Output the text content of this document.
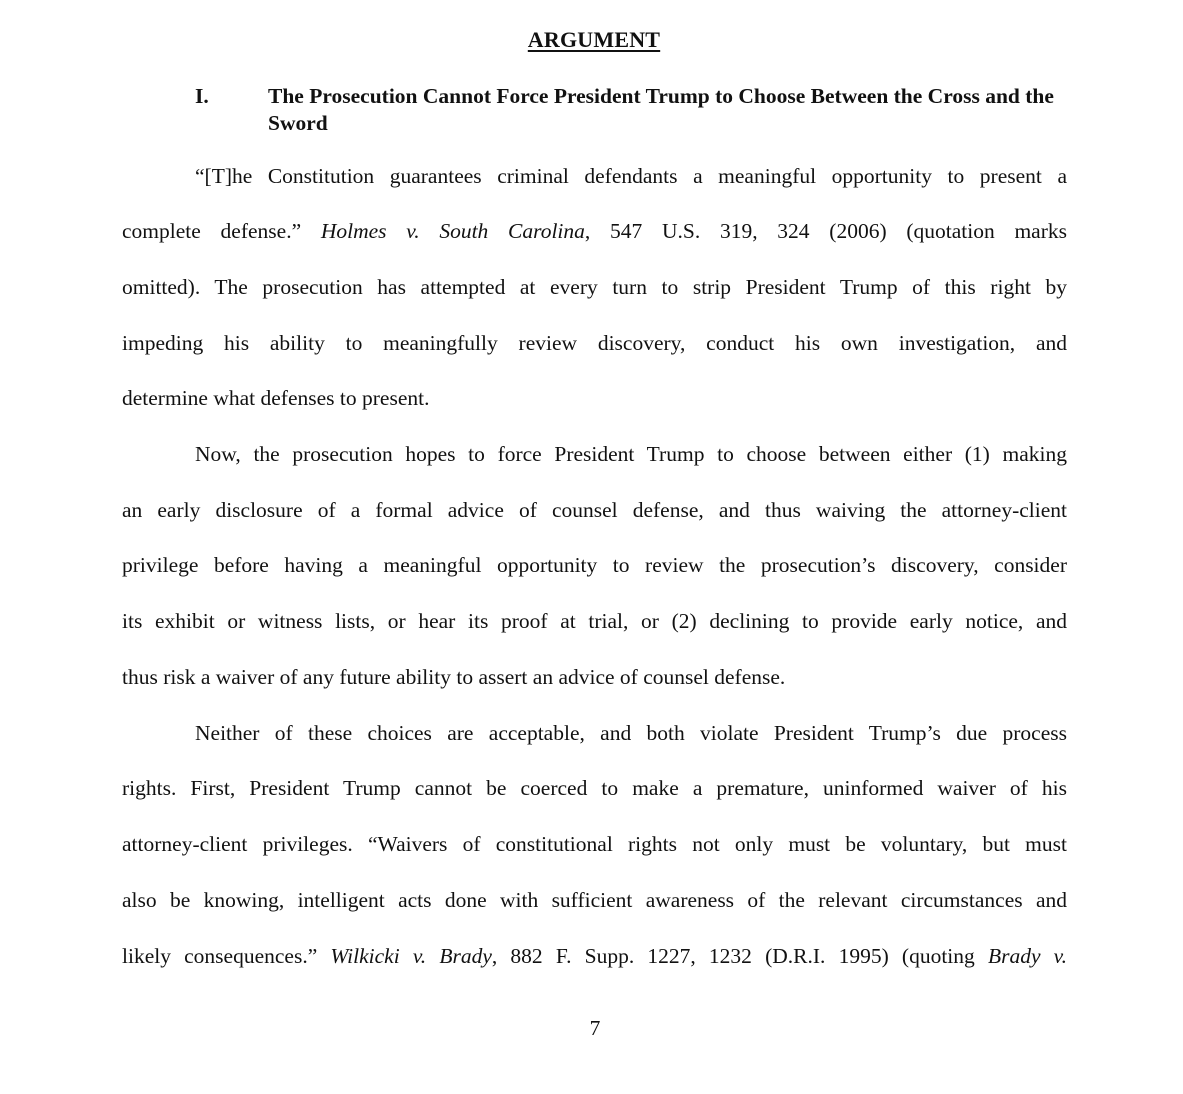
ARGUMENT
I.	The Prosecution Cannot Force President Trump to Choose Between the Cross and the Sword
“[T]he Constitution guarantees criminal defendants a meaningful opportunity to present a
complete defense.” Holmes v. South Carolina, 547 U.S. 319, 324 (2006) (quotation marks
omitted). The prosecution has attempted at every turn to strip President Trump of this right by
impeding his ability to meaningfully review discovery, conduct his own investigation, and
determine what defenses to present.
Now, the prosecution hopes to force President Trump to choose between either (1) making
an early disclosure of a formal advice of counsel defense, and thus waiving the attorney-client
privilege before having a meaningful opportunity to review the prosecution’s discovery, consider
its exhibit or witness lists, or hear its proof at trial, or (2) declining to provide early notice, and
thus risk a waiver of any future ability to assert an advice of counsel defense.
Neither of these choices are acceptable, and both violate President Trump’s due process
rights. First, President Trump cannot be coerced to make a premature, uninformed waiver of his
attorney-client privileges. “Waivers of constitutional rights not only must be voluntary, but must
also be knowing, intelligent acts done with sufficient awareness of the relevant circumstances and
likely consequences.” Wilkicki v. Brady, 882 F. Supp. 1227, 1232 (D.R.I. 1995) (quoting Brady v.
7
